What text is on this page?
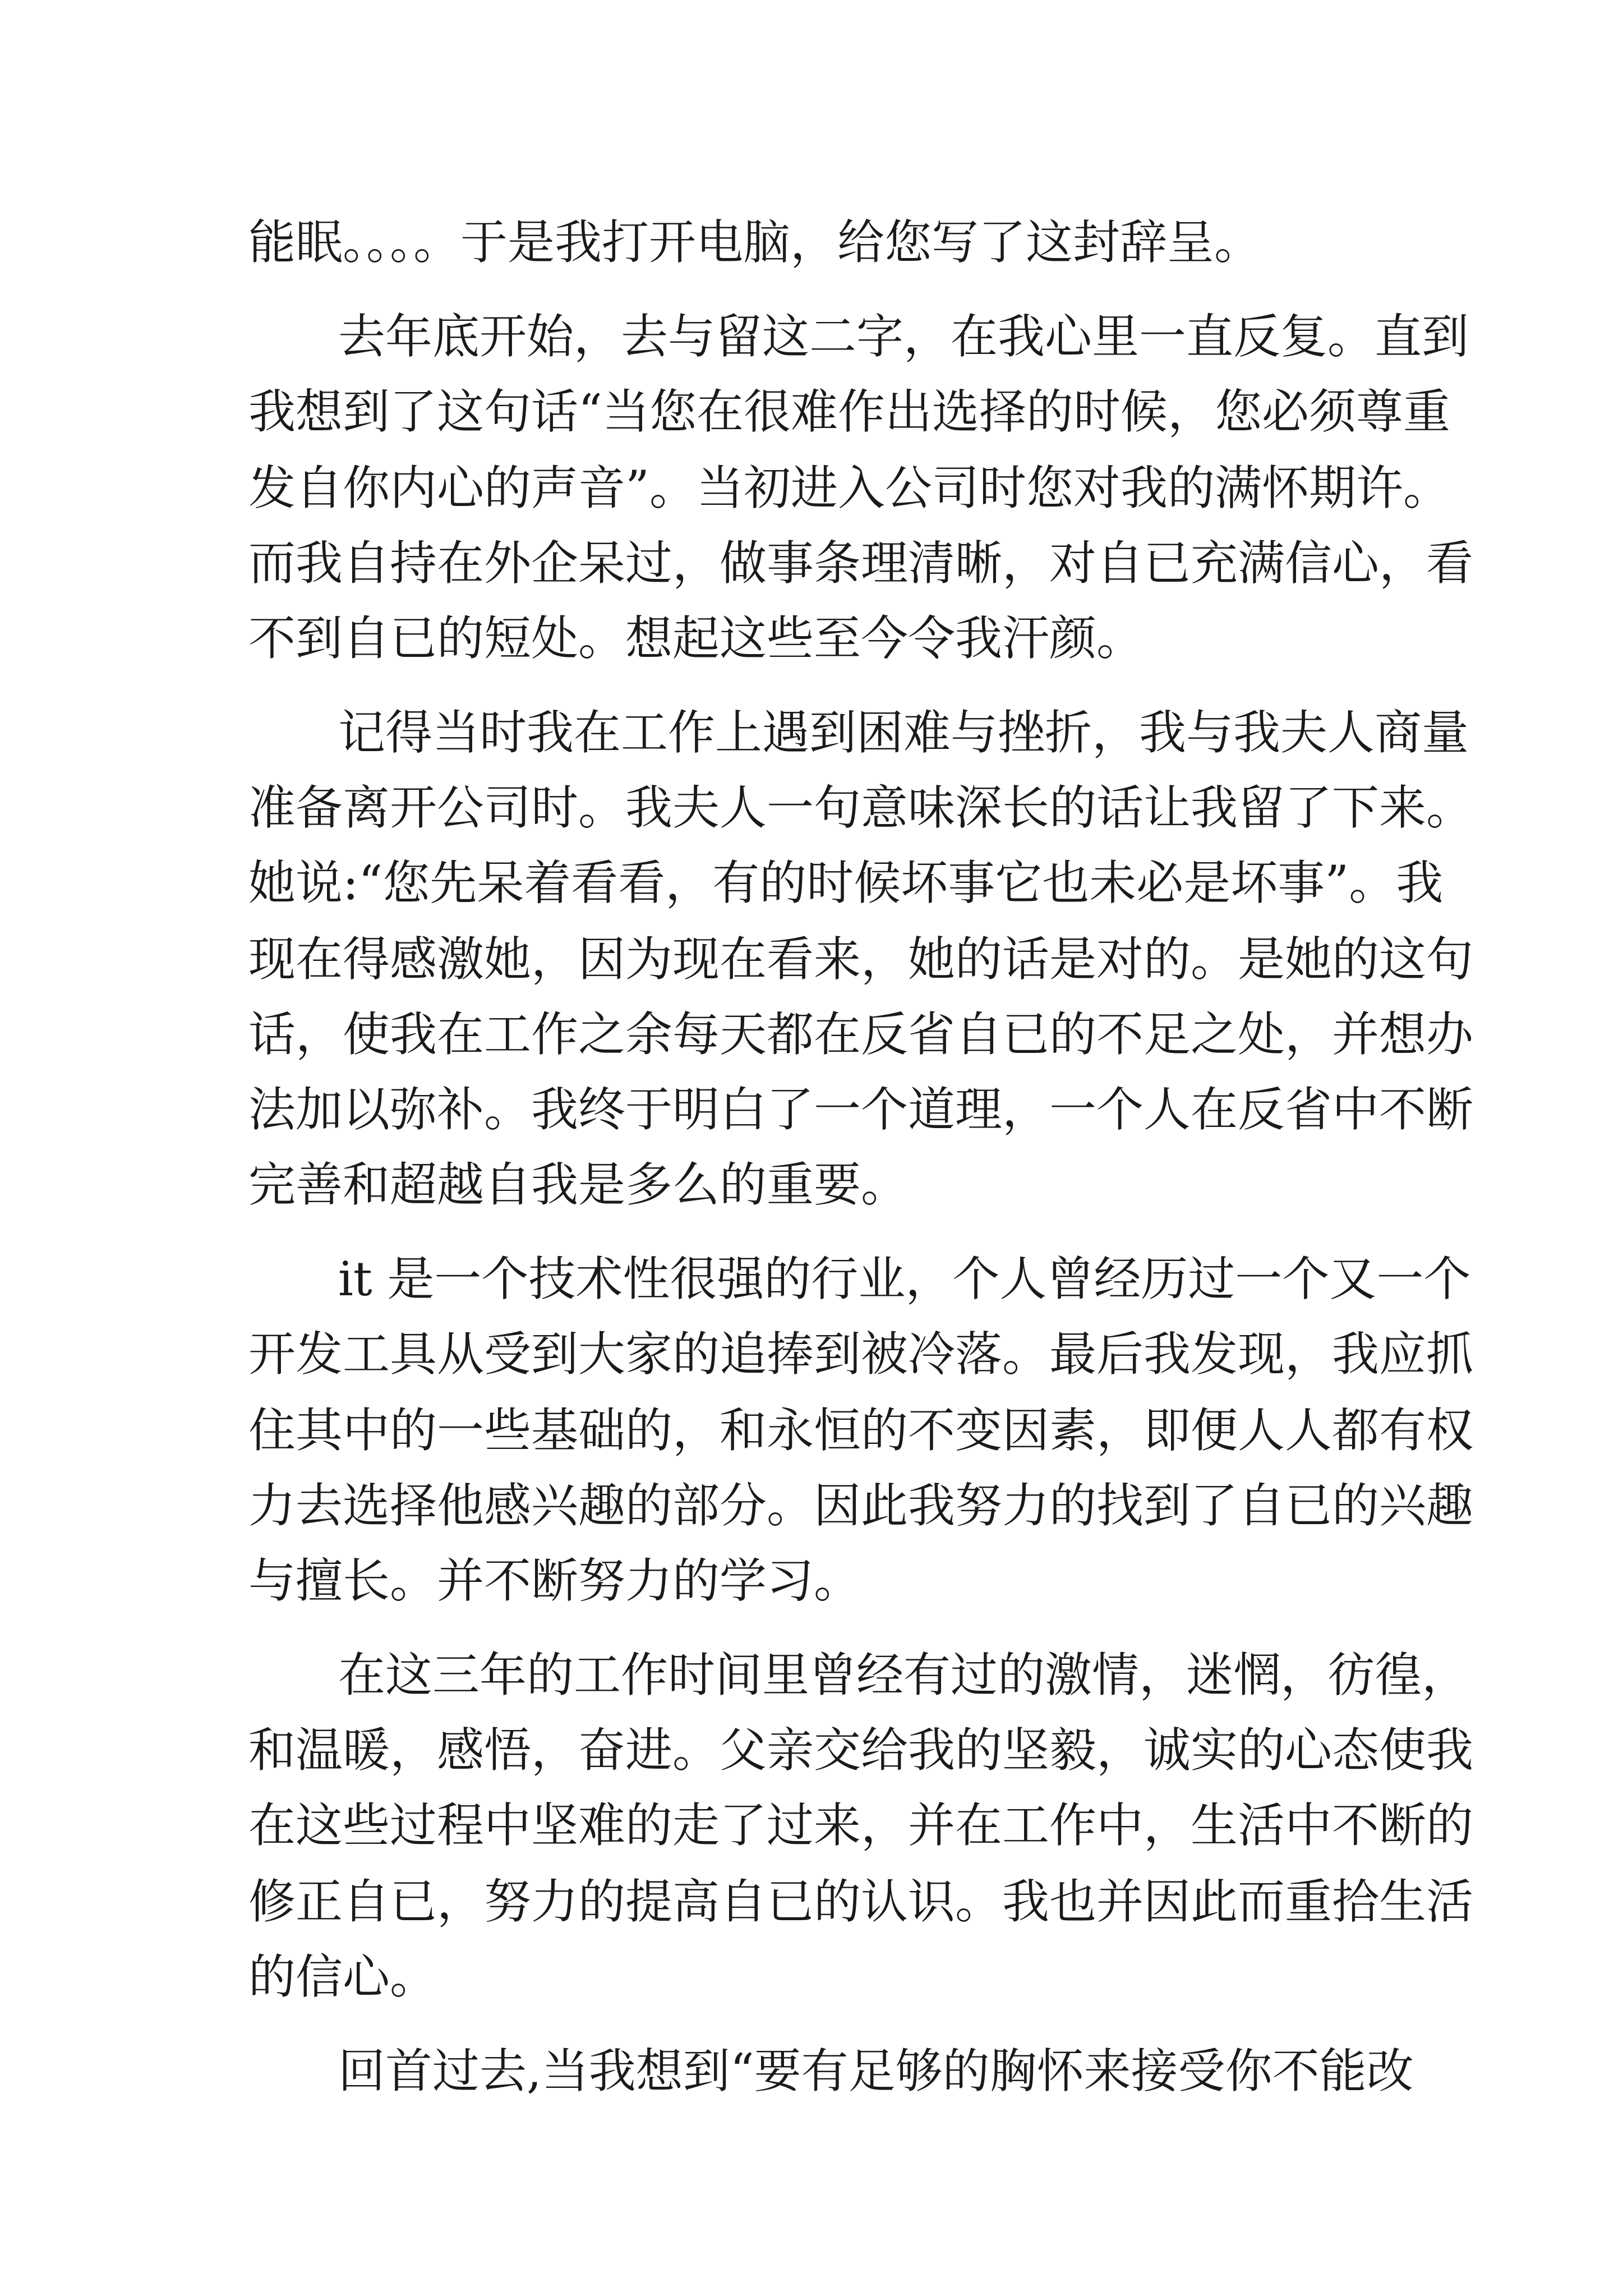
能眠。。。。于是我打开电脑，给您写了这封辞呈。

去年底开始，去与留这二字，在我心里一直反复。直到

我想到了这句话“当您在很难作出选择的时候，您必须尊重

发自你内心的声音”。当初进入公司时您对我的满怀期许。

而我自持在外企呆过，做事条理清晰，对自已充满信心，看

不到自已的短处。想起这些至今令我汗颜。

记得当时我在工作上遇到困难与挫折，我与我夫人商量

准备离开公司时。我夫人一句意味深长的话让我留了下来。

她说:“您先呆着看看，有的时候坏事它也未必是坏事”。我

现在得感激她，因为现在看来，她的话是对的。是她的这句

话，使我在工作之余每天都在反省自已的不足之处，并想办

法加以弥补。我终于明白了一个道理，一个人在反省中不断

完善和超越自我是多么的重要。

it 是一个技术性很强的行业，个人曾经历过一个又一个

开发工具从受到大家的追捧到被冷落。最后我发现，我应抓

住其中的一些基础的，和永恒的不变因素，即便人人都有权

力去选择他感兴趣的部分。因此我努力的找到了自已的兴趣

与擅长。并不断努力的学习。

在这三年的工作时间里曾经有过的激情，迷惘，彷徨，

和温暖，感悟，奋进。父亲交给我的坚毅，诚实的心态使我

在这些过程中坚难的走了过来，并在工作中，生活中不断的

修正自已，努力的提高自已的认识。我也并因此而重拾生活

的信心。

回首过去,当我想到“要有足够的胸怀来接受你不能改
